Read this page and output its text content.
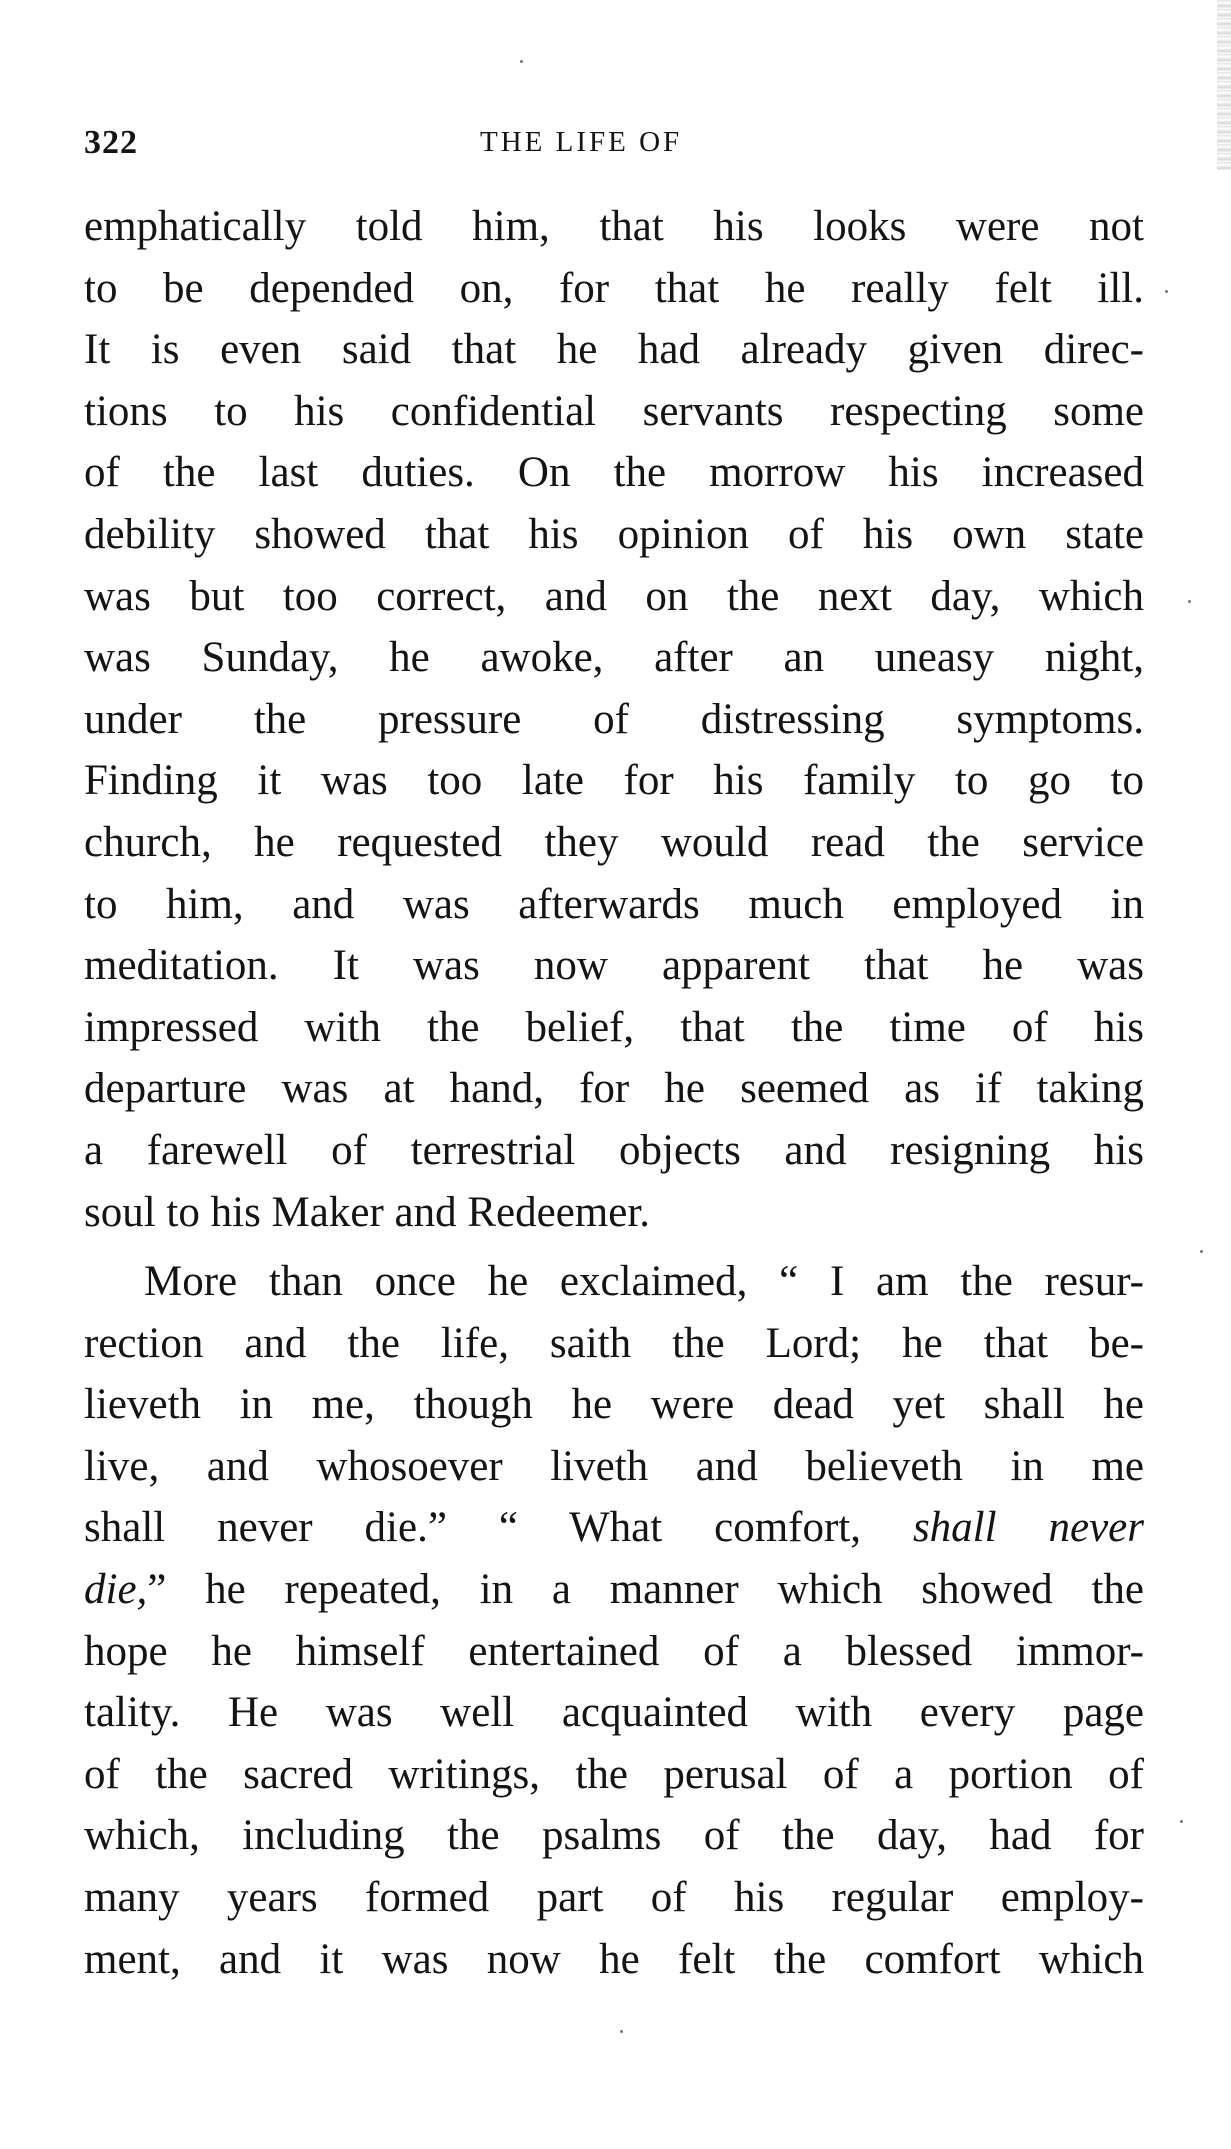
322	THE LIFE OF
emphatically told him, that his looks were not
to be depended on, for that he really felt ill.
It is even said that he had already given direc-
tions to his confidential servants respecting some
of the last duties. On the morrow his increased
debility showed that his opinion of his own state
was but too correct, and on the next day, which
was Sunday, he awoke, after an uneasy night,
under the pressure of distressing symptoms.
Finding it was too late for his family to go to
church, he requested they would read the service
to him, and was afterwards much employed in
meditation. It was now apparent that he was
impressed with the belief, that the time of his
departure was at hand, for he seemed as if taking
a farewell of terrestrial objects and resigning his
soul to his Maker and Redeemer.
More than once he exclaimed, “ I am the resur-
rection and the life, saith the Lord; he that be-
lieveth in me, though he were dead yet shall he
live, and whosoever liveth and believeth in me
shall never die.” “ What comfort, shall never
die,” he repeated, in a manner which showed the
hope he himself entertained of a blessed immor-
tality. He was well acquainted with every page
of the sacred writings, the perusal of a portion of
which, including the psalms of the day, had for
many years formed part of his regular employ-
ment, and it was now he felt the comfort which
